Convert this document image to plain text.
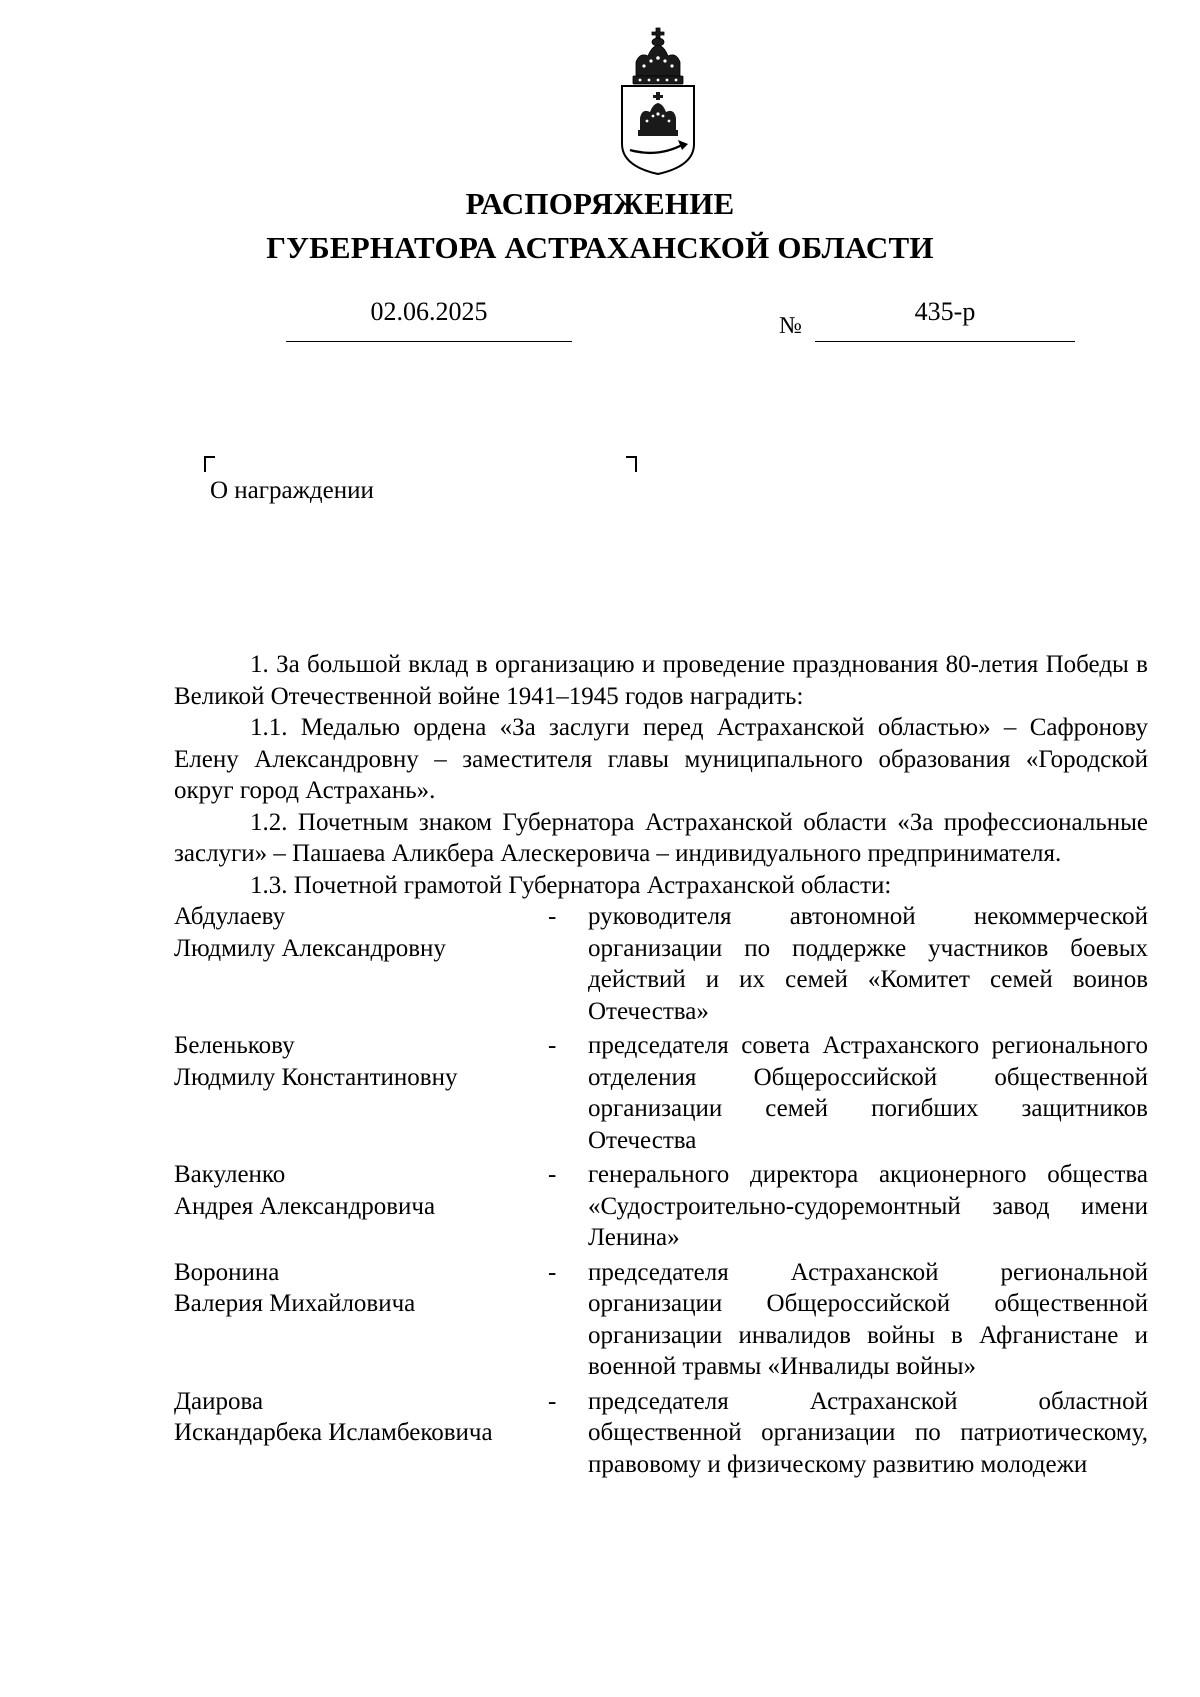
РАСПОРЯЖЕНИЕ
ГУБЕРНАТОРА АСТРАХАНСКОЙ ОБЛАСТИ
02.06.2025	№	435-р
О награждении
1. За большой вклад в организацию и проведение празднования 80-летия Победы в Великой Отечественной войне 1941–1945 годов наградить:
1.1. Медалью ордена «За заслуги перед Астраханской областью» – Сафронову Елену Александровну – заместителя главы муниципального образования «Городской округ город Астрахань».
1.2. Почетным знаком Губернатора Астраханской области «За профессиональные заслуги» – Пашаева Аликбера Алескеровича – индивидуального предпринимателя.
1.3. Почетной грамотой Губернатора Астраханской области:
Абдулаеву
Людмилу Александровну
-	руководителя автономной некоммерческой организации по поддержке участников боевых действий и их семей «Комитет семей воинов Отечества»
Беленькову
Людмилу Константиновну
-	председателя совета Астраханского регионального отделения Общероссийской общественной организации семей погибших защитников Отечества
Вакуленко
Андрея Александровича
-	генерального директора акционерного общества «Судостроительно-судоремонтный завод имени Ленина»
Воронина
Валерия Михайловича
-	председателя Астраханской региональной организации Общероссийской общественной организации инвалидов войны в Афганистане и военной травмы «Инвалиды войны»
Даирова
Искандарбека Исламбековича
-	председателя Астраханской областной общественной организации по патриотическому, правовому и физическому развитию молодежи
